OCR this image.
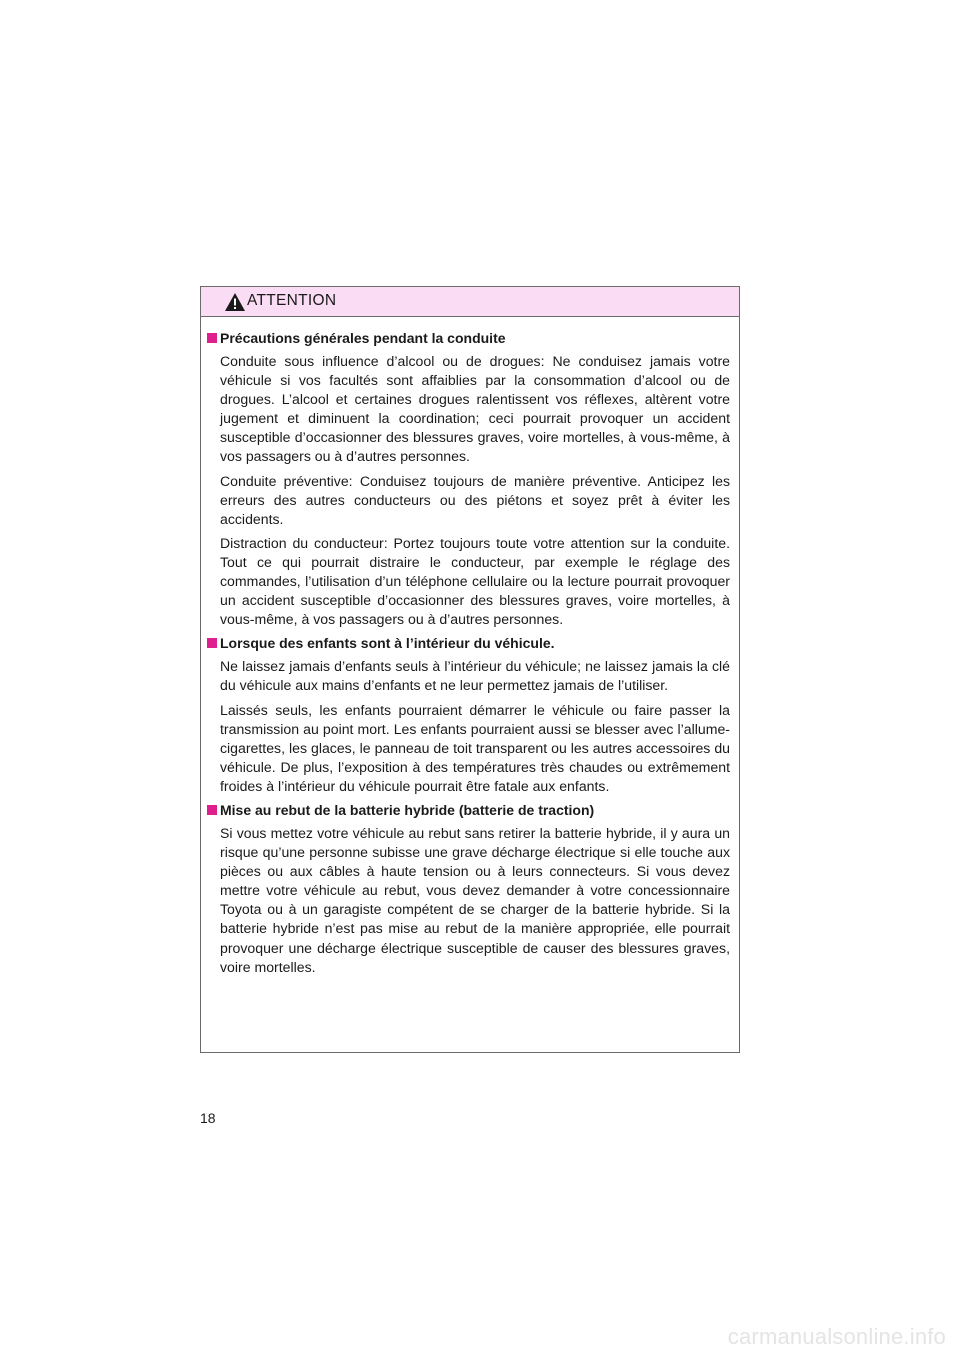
ATTENTION
Précautions générales pendant la conduite

Conduite sous influence d’alcool ou de drogues: Ne conduisez jamais votre véhicule si vos facultés sont affaiblies par la consommation d’alcool ou de drogues. L’alcool et certaines drogues ralentissent vos réflexes, altèrent votre jugement et diminuent la coordination; ceci pourrait provoquer un accident susceptible d’occasionner des blessures graves, voire mortelles, à vous-même, à vos passagers ou à d’autres personnes.

Conduite préventive: Conduisez toujours de manière préventive. Anticipez les erreurs des autres conducteurs ou des piétons et soyez prêt à éviter les accidents.

Distraction du conducteur: Portez toujours toute votre attention sur la conduite. Tout ce qui pourrait distraire le conducteur, par exemple le réglage des commandes, l’utilisation d’un téléphone cellulaire ou la lecture pourrait provoquer un accident susceptible d’occasionner des blessures graves, voire mortelles, à vous-même, à vos passagers ou à d’autres personnes.

Lorsque des enfants sont à l’intérieur du véhicule.

Ne laissez jamais d’enfants seuls à l’intérieur du véhicule; ne laissez jamais la clé du véhicule aux mains d’enfants et ne leur permettez jamais de l’utiliser.

Laissés seuls, les enfants pourraient démarrer le véhicule ou faire passer la transmission au point mort. Les enfants pourraient aussi se blesser avec l’allume-cigarettes, les glaces, le panneau de toit transparent ou les autres accessoires du véhicule. De plus, l’exposition à des températures très chaudes ou extrêmement froides à l’intérieur du véhicule pourrait être fatale aux enfants.

Mise au rebut de la batterie hybride (batterie de traction)

Si vous mettez votre véhicule au rebut sans retirer la batterie hybride, il y aura un risque qu’une personne subisse une grave décharge électrique si elle touche aux pièces ou aux câbles à haute tension ou à leurs connecteurs. Si vous devez mettre votre véhicule au rebut, vous devez demander à votre concessionnaire Toyota ou à un garagiste compétent de se charger de la batterie hybride. Si la batterie hybride n’est pas mise au rebut de la manière appropriée, elle pourrait provoquer une décharge électrique susceptible de causer des blessures graves, voire mortelles.

18
carmanualsonline.info
